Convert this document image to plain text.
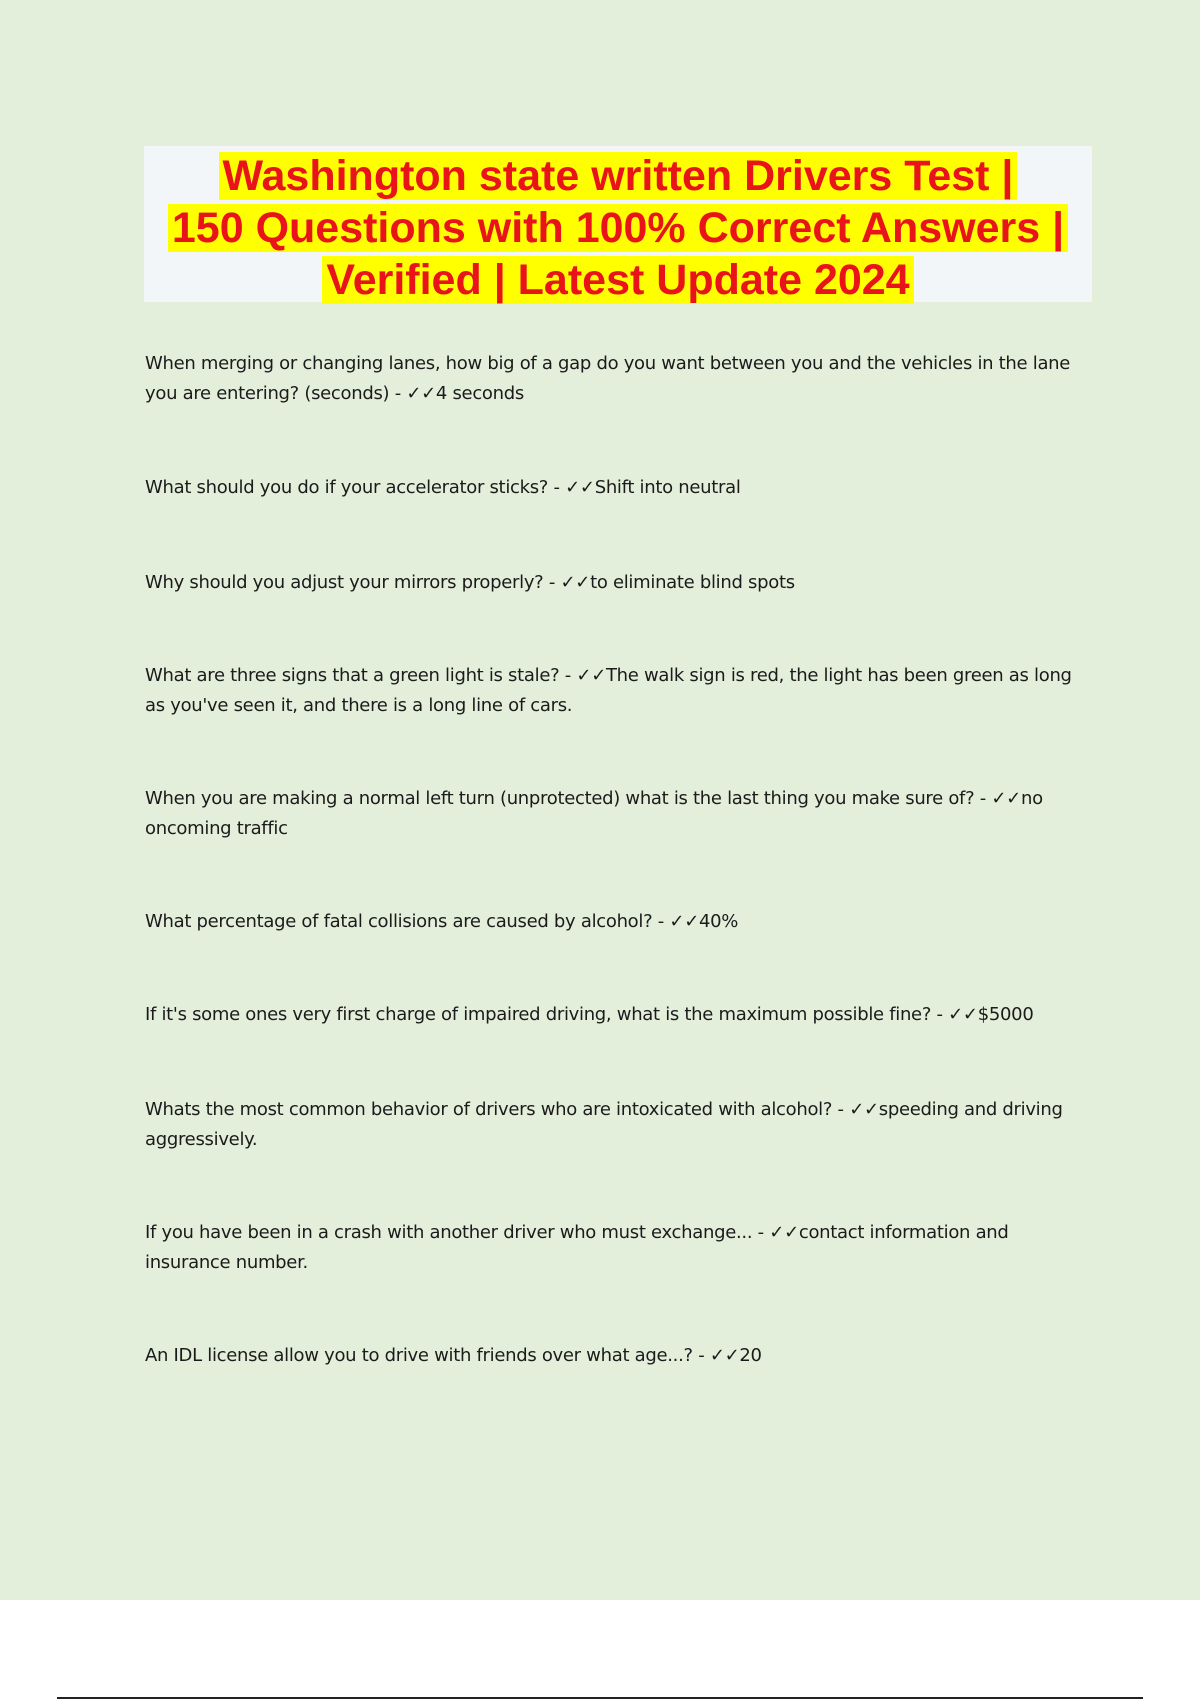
Washington state written Drivers Test |
150 Questions with 100% Correct Answers |
Verified | Latest Update 2024
When merging or changing lanes, how big of a gap do you want between you and the vehicles in the lane you are entering? (seconds) - ✓✓4 seconds
What should you do if your accelerator sticks? - ✓✓Shift into neutral
Why should you adjust your mirrors properly? - ✓✓to eliminate blind spots
What are three signs that a green light is stale? - ✓✓The walk sign is red, the light has been green as long as you've seen it, and there is a long line of cars.
When you are making a normal left turn (unprotected) what is the last thing you make sure of? - ✓✓no oncoming traffic
What percentage of fatal collisions are caused by alcohol? - ✓✓40%
If it's some ones very first charge of impaired driving, what is the maximum possible fine? - ✓✓$5000
Whats the most common behavior of drivers who are intoxicated with alcohol? - ✓✓speeding and driving aggressively.
If you have been in a crash with another driver who must exchange... - ✓✓contact information and insurance number.
An IDL license allow you to drive with friends over what age...? - ✓✓20
